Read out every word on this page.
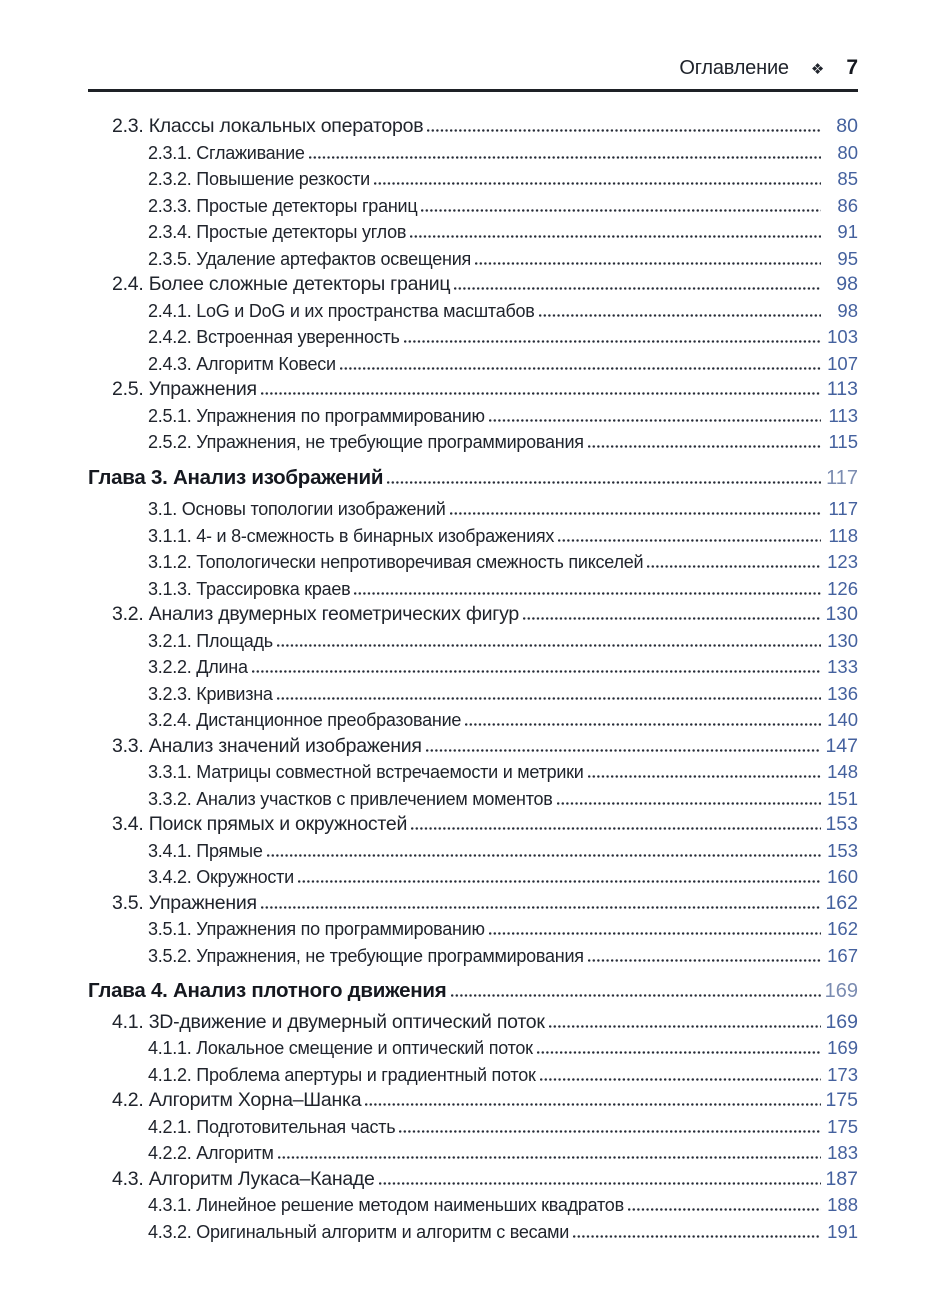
Оглавление ❖ 7
2.3. Классы локальных операторов	80
2.3.1. Сглаживание	80
2.3.2. Повышение резкости	85
2.3.3. Простые детекторы границ	86
2.3.4. Простые детекторы углов	91
2.3.5. Удаление артефактов освещения	95
2.4. Более сложные детекторы границ	98
2.4.1. LoG и DoG и их пространства масштабов	98
2.4.2. Встроенная уверенность	103
2.4.3. Алгоритм Ковеси	107
2.5. Упражнения	113
2.5.1. Упражнения по программированию	113
2.5.2. Упражнения, не требующие программирования	115
Глава 3. Анализ изображений	117
3.1. Основы топологии изображений	117
3.1.1. 4- и 8-смежность в бинарных изображениях	118
3.1.2. Топологически непротиворечивая смежность пикселей	123
3.1.3. Трассировка краев	126
3.2. Анализ двумерных геометрических фигур	130
3.2.1. Площадь	130
3.2.2. Длина	133
3.2.3. Кривизна	136
3.2.4. Дистанционное преобразование	140
3.3. Анализ значений изображения	147
3.3.1. Матрицы совместной встречаемости и метрики	148
3.3.2. Анализ участков с привлечением моментов	151
3.4. Поиск прямых и окружностей	153
3.4.1. Прямые	153
3.4.2. Окружности	160
3.5. Упражнения	162
3.5.1. Упражнения по программированию	162
3.5.2. Упражнения, не требующие программирования	167
Глава 4. Анализ плотного движения	169
4.1. 3D-движение и двумерный оптический поток	169
4.1.1. Локальное смещение и оптический поток	169
4.1.2. Проблема апертуры и градиентный поток	173
4.2. Алгоритм Хорна–Шанка	175
4.2.1. Подготовительная часть	175
4.2.2. Алгоритм	183
4.3. Алгоритм Лукаса–Канаде	187
4.3.1. Линейное решение методом наименьших квадратов	188
4.3.2. Оригинальный алгоритм и алгоритм с весами	191
